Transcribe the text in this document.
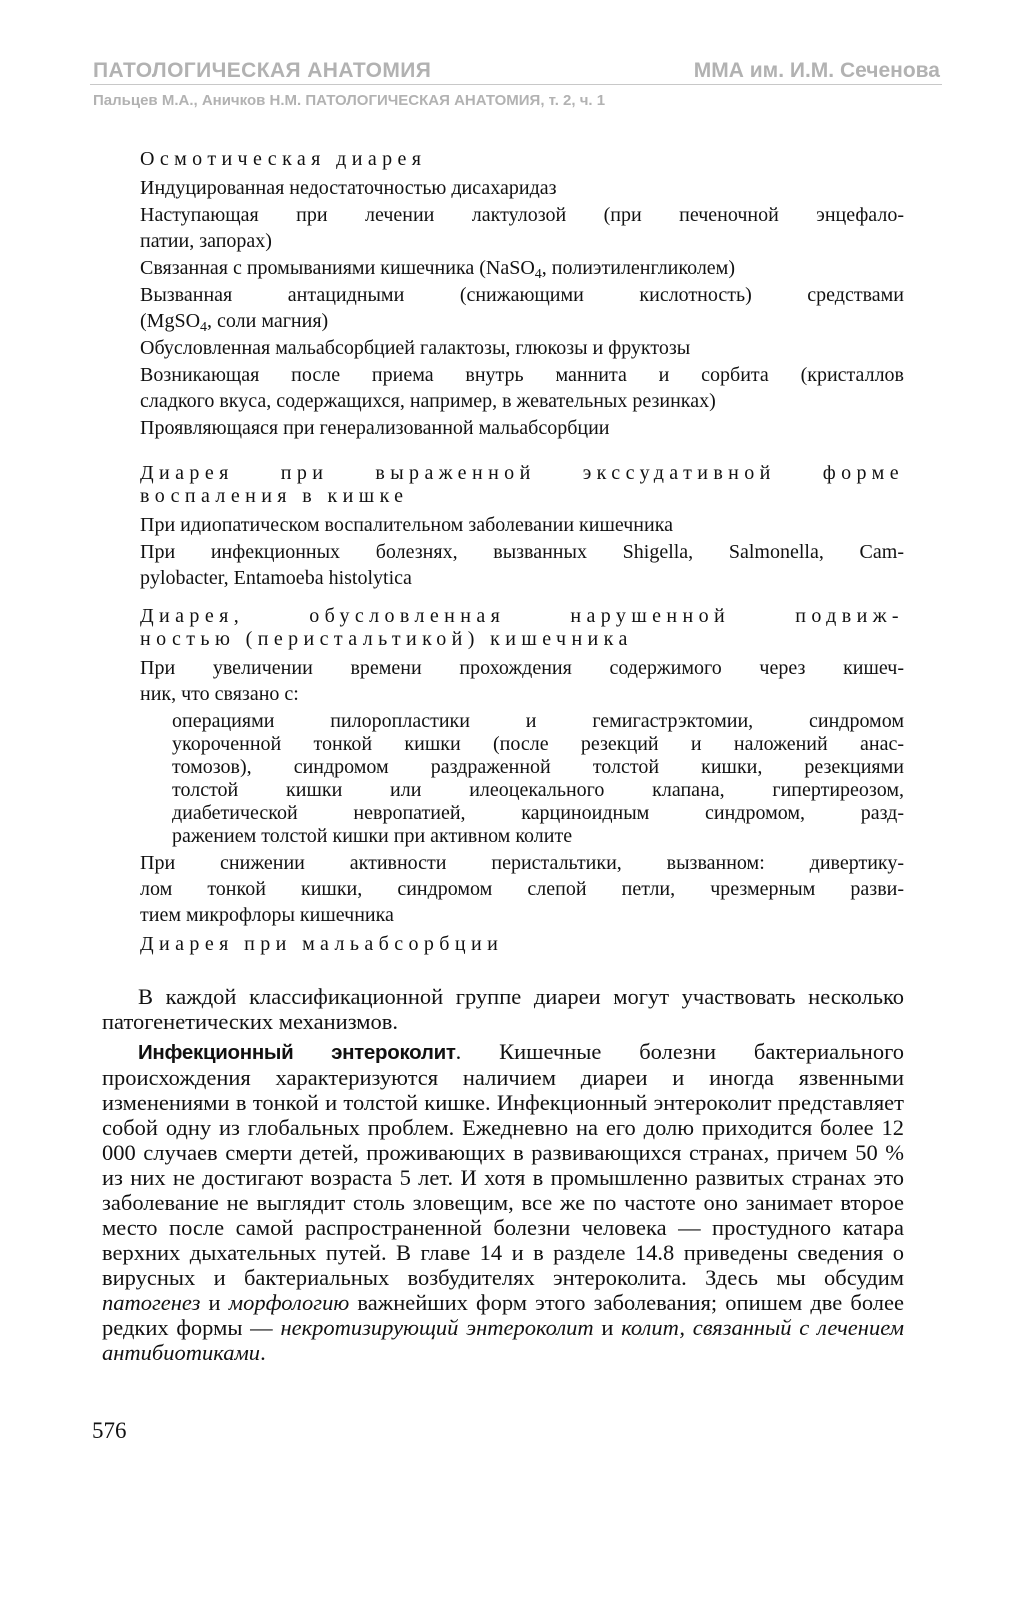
ПАТОЛОГИЧЕСКАЯ АНАТОМИЯ	ММА им. И.М. Сеченова
Пальцев М.А., Аничков Н.М. ПАТОЛОГИЧЕСКАЯ АНАТОМИЯ, т. 2, ч. 1

Осмотическая диарея

Индуцированная недостаточностью дисахаридаз

Наступающая при лечении лактулозой (при печеночной энцефало-

патии, запорах)

Связанная с промываниями кишечника (NaSO$_4$, полиэтиленгликолем)

Вызванная антацидными (снижающими кислотность) средствами

(MgSO$_4$, соли магния)

Обусловленная мальабсорбцией галактозы, глюкозы и фруктозы

Возникающая после приема внутрь маннита и сорбита (кристаллов

сладкого вкуса, содержащихся, например, в жевательных резинках)

Проявляющаяся при генерализованной мальабсорбции

Диарея при выраженной экссудативной форме

воспаления в кишке

При идиопатическом воспалительном заболевании кишечника

При инфекционных болезнях, вызванных Shigella, Salmonella, Cam-

pylobacter, Entamoeba histolytica

Диарея, обусловленная нарушенной подвиж-

ностью (перистальтикой) кишечника

При увеличении времени прохождения содержимого через кишеч-

ник, что связано с:

операциями пилоропластики и гемигастрэктомии, синдромом

укороченной тонкой кишки (после резекций и наложений анас-

томозов), синдромом раздраженной толстой кишки, резекциями

толстой кишки или илеоцекального клапана, гипертиреозом,

диабетической невропатией, карциноидным синдромом, разд-

ражением толстой кишки при активном колите

При снижении активности перистальтики, вызванном: дивертику-

лом тонкой кишки, синдромом слепой петли, чрезмерным разви-

тием микрофлоры кишечника

Диарея при мальабсорбции

В каждой классификационной группе диареи могут участвовать несколько патогенетических механизмов.

Инфекционный энтероколит. Кишечные болезни бактериального происхождения характеризуются наличием диареи и иногда язвенными изменениями в тонкой и толстой кишке. Инфекционный энтероколит представляет собой одну из глобальных проблем. Ежедневно на его долю приходится более 12 000 случаев смерти детей, проживающих в развивающихся странах, причем 50 % из них не достигают возраста 5 лет. И хотя в промышленно развитых странах это заболевание не выглядит столь зловещим, все же по частоте оно занимает второе место после самой распространенной болезни человека — простудного катара верхних дыхательных путей. В главе 14 и в разделе 14.8 приведены сведения о вирусных и бактериальных возбудителях энтероколита. Здесь мы обсудим патогенез и морфологию важнейших форм этого заболевания; опишем две более редких формы — некротизирующий энтероколит и колит, связанный с лечением антибиотиками.

576
